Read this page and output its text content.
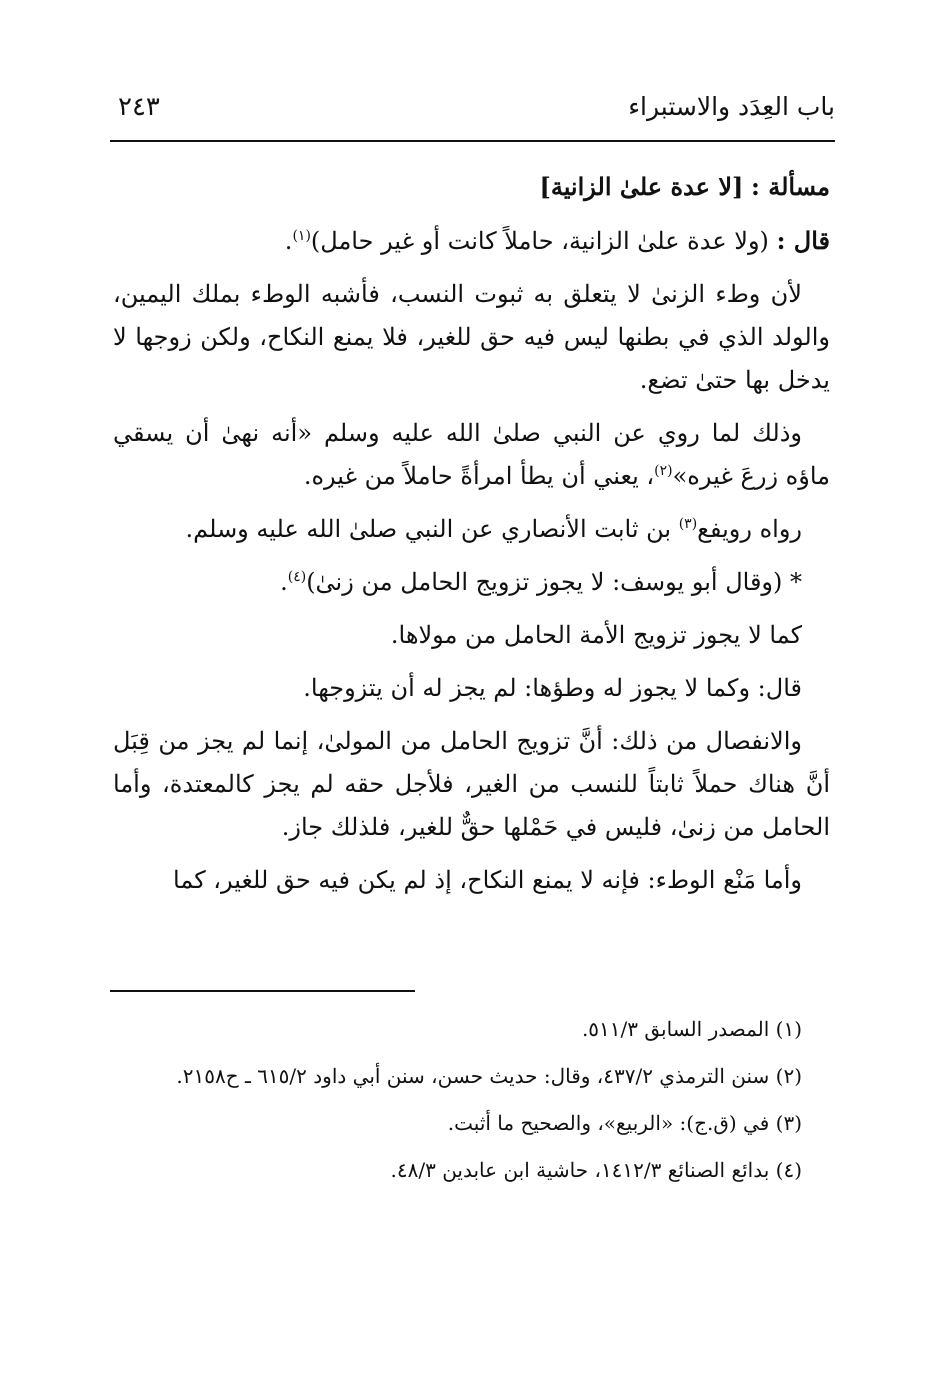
باب العِدَد والاستبراء
٢٤٣

مسألة : [لا عدة علىٰ الزانية]

قال : (ولا عدة علىٰ الزانية، حاملاً كانت أو غير حامل)$^{(١)}$.

لأن وطء الزنىٰ لا يتعلق به ثبوت النسب، فأشبه الوطء بملك اليمين، والولد الذي في بطنها ليس فيه حق للغير، فلا يمنع النكاح، ولكن زوجها لا يدخل بها حتىٰ تضع.

وذلك لما روي عن النبي صلىٰ الله عليه وسلم «أنه نهىٰ أن يسقي ماؤه زرعَ غيره»$^{(٢)}$، يعني أن يطأ امرأةً حاملاً من غيره.

رواه رويفع$^{(٣)}$ بن ثابت الأنصاري عن النبي صلىٰ الله عليه وسلم.

* (وقال أبو يوسف: لا يجوز تزويج الحامل من زنىٰ)$^{(٤)}$.

كما لا يجوز تزويج الأمة الحامل من مولاها.

قال: وكما لا يجوز له وطؤها: لم يجز له أن يتزوجها.

والانفصال من ذلك: أنَّ تزويج الحامل من المولىٰ، إنما لم يجز من قِبَل أنَّ هناك حملاً ثابتاً للنسب من الغير، فلأجل حقه لم يجز كالمعتدة، وأما الحامل من زنىٰ، فليس في حَمْلها حقٌّ للغير، فلذلك جاز.

وأما مَنْع الوطء: فإنه لا يمنع النكاح، إذ لم يكن فيه حق للغير، كما

(١) المصدر السابق ٥١١/٣.

(٢) سنن الترمذي ٤٣٧/٢، وقال: حديث حسن، سنن أبي داود ٦١٥/٢ ـ ح٢١٥٨.

(٣) في (ق.ج): «الربيع»، والصحيح ما أثبت.

(٤) بدائع الصنائع ١٤١٢/٣، حاشية ابن عابدين ٤٨/٣.
